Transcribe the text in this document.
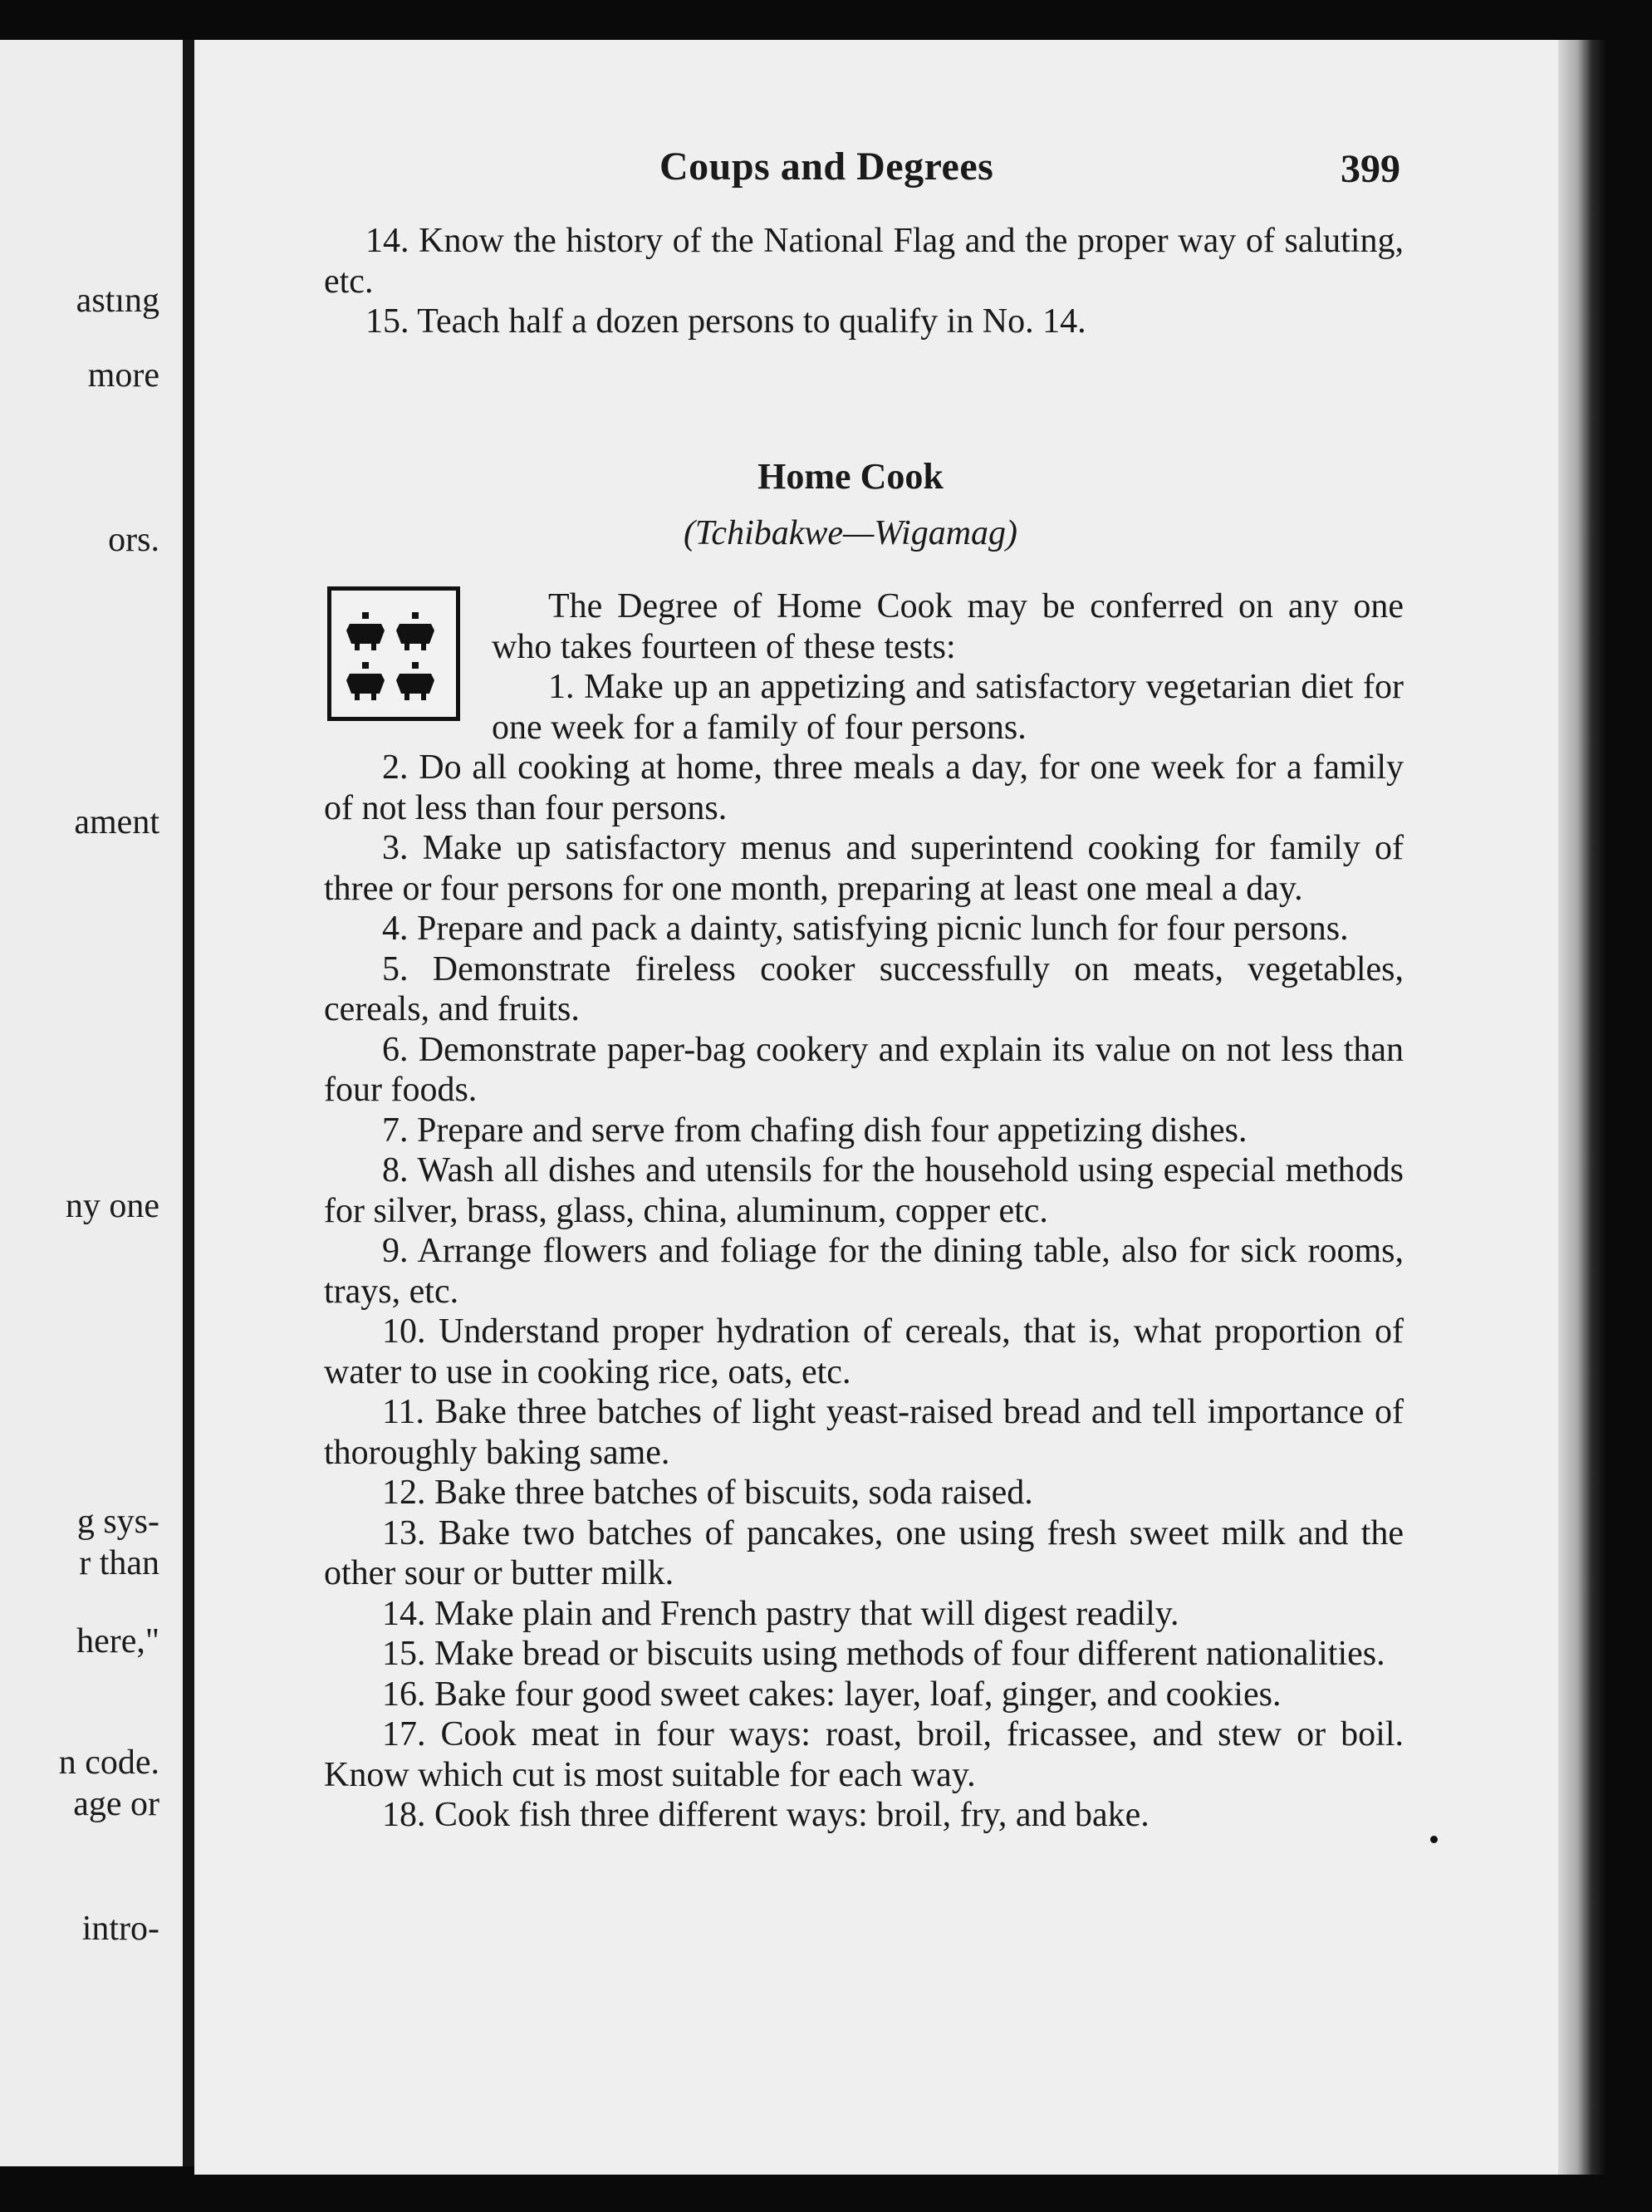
astıng
more
ors.
ament
ny one
g sys-
r than
here,"
n code.
age or
intro-
Coups and Degrees	399

14. Know the history of the National Flag and the proper way of saluting, etc.

15. Teach half a dozen persons to qualify in No. 14.

Home Cook
(Tchibakwe—Wigamag)

The Degree of Home Cook may be conferred on any one who takes fourteen of these tests:

1. Make up an appetizing and satisfactory vegetarian diet for one week for a family of four persons.

2. Do all cooking at home, three meals a day, for one week for a family of not less than four persons.

3. Make up satisfactory menus and superintend cooking for family of three or four persons for one month, preparing at least one meal a day.

4. Prepare and pack a dainty, satisfying picnic lunch for four persons.

5. Demonstrate fireless cooker successfully on meats, vegetables, cereals, and fruits.

6. Demonstrate paper-bag cookery and explain its value on not less than four foods.

7. Prepare and serve from chafing dish four appetizing dishes.

8. Wash all dishes and utensils for the household using especial methods for silver, brass, glass, china, aluminum, copper etc.

9. Arrange flowers and foliage for the dining table, also for sick rooms, trays, etc.

10. Understand proper hydration of cereals, that is, what proportion of water to use in cooking rice, oats, etc.

11. Bake three batches of light yeast-raised bread and tell importance of thoroughly baking same.

12. Bake three batches of biscuits, soda raised.

13. Bake two batches of pancakes, one using fresh sweet milk and the other sour or butter milk.

14. Make plain and French pastry that will digest readily.

15. Make bread or biscuits using methods of four different nationalities.

16. Bake four good sweet cakes: layer, loaf, ginger, and cookies.

17. Cook meat in four ways: roast, broil, fricassee, and stew or boil. Know which cut is most suitable for each way.

18. Cook fish three different ways: broil, fry, and bake.
